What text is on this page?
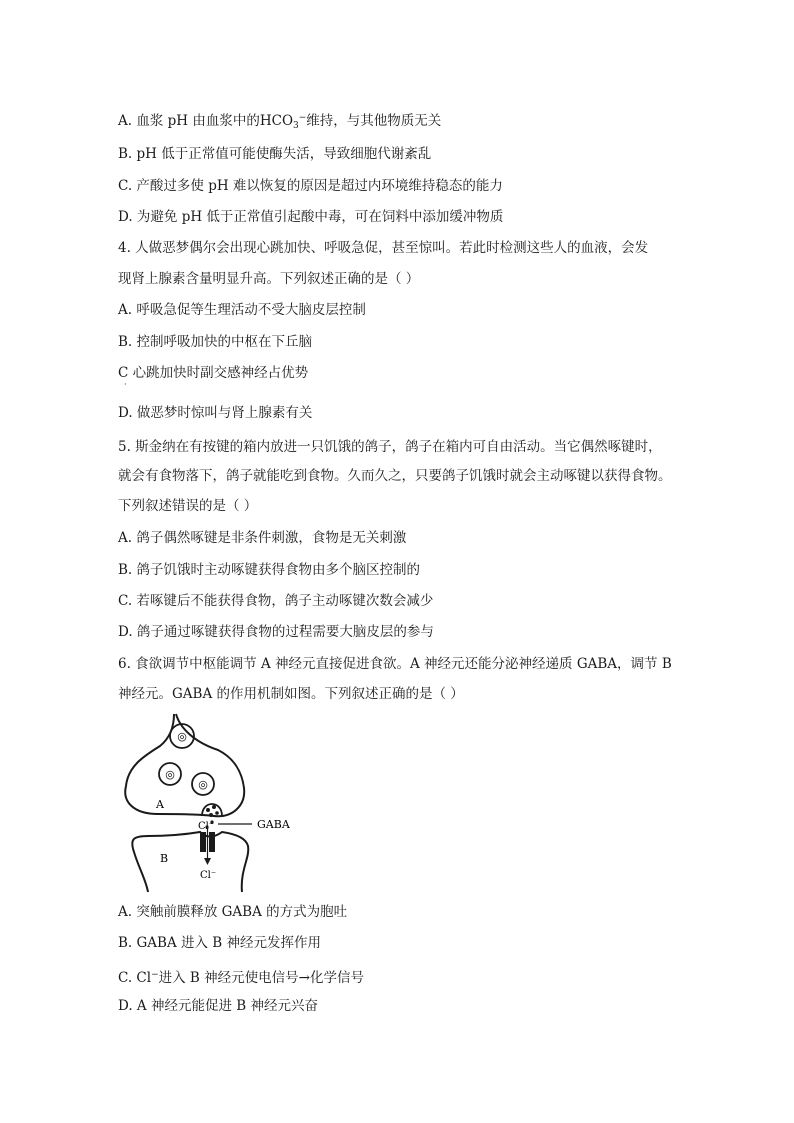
A. 血浆 pH 由血浆中的$HCO_3^-$维持，与其他物质无关
B. pH 低于正常值可能使酶失活，导致细胞代谢紊乱
C. 产酸过多使 pH 难以恢复的原因是超过内环境维持稳态的能力
D. 为避免 pH 低于正常值引起酸中毒，可在饲料中添加缓冲物质
4. 人做恶梦偶尔会出现心跳加快、呼吸急促，甚至惊叫。若此时检测这些人的血液，会发
现肾上腺素含量明显升高。下列叙述正确的是（ ）
A. 呼吸急促等生理活动不受大脑皮层控制
B. 控制呼吸加快的中枢在下丘脑
C 心跳加快时副交感神经占优势
·
D. 做恶梦时惊叫与肾上腺素有关
5. 斯金纳在有按键的箱内放进一只饥饿的鸽子，鸽子在箱内可自由活动。当它偶然啄键时，
就会有食物落下，鸽子就能吃到食物。久而久之，只要鸽子饥饿时就会主动啄键以获得食物。
下列叙述错误的是（ ）
A. 鸽子偶然啄键是非条件刺激，食物是无关刺激
B. 鸽子饥饿时主动啄键获得食物由多个脑区控制的
C. 若啄键后不能获得食物，鸽子主动啄键次数会减少
D. 鸽子通过啄键获得食物的过程需要大脑皮层的参与
6. 食欲调节中枢能调节 A 神经元直接促进食欲。A 神经元还能分泌神经递质 GABA，调节 B
神经元。GABA 的作用机制如图。下列叙述正确的是（ ）
◎
◎
◎
GABA
A
Cl⁻
B
Cl⁻
A. 突触前膜释放 GABA 的方式为胞吐
B. GABA 进入 B 神经元发挥作用
C. Cl−进入 B 神经元使电信号→化学信号
D. A 神经元能促进 B 神经元兴奋
